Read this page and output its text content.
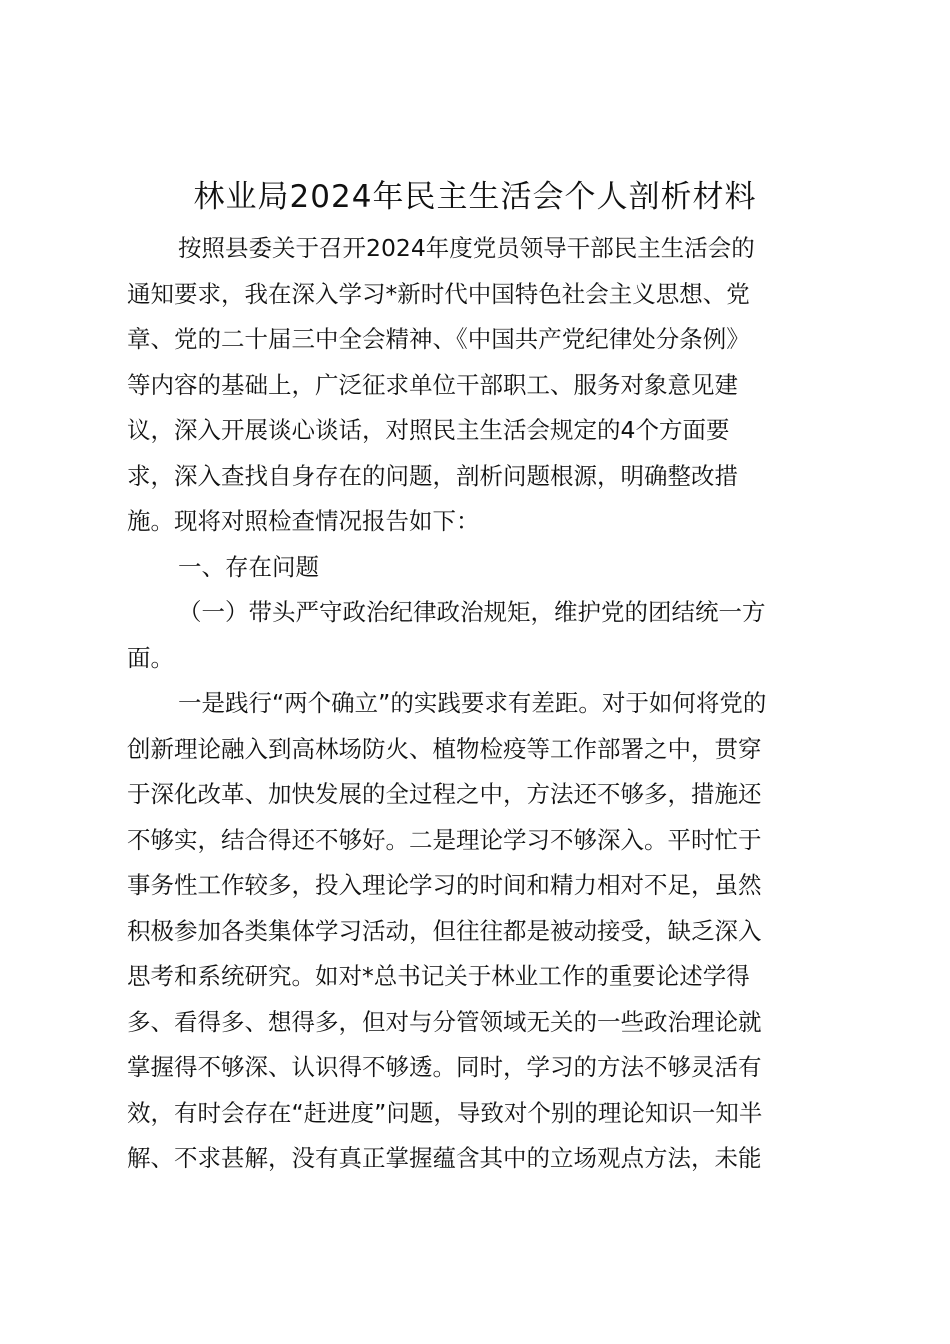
林业局2024年民主生活会个人剖析材料
按照县委关于召开2024年度党员领导干部民主生活会的
通知要求，我在深入学习*新时代中国特色社会主义思想、党
章、党的二十届三中全会精神、《中国共产党纪律处分条例》
等内容的基础上，广泛征求单位干部职工、服务对象意见建
议，深入开展谈心谈话，对照民主生活会规定的4个方面要
求，深入查找自身存在的问题，剖析问题根源，明确整改措
施。现将对照检查情况报告如下：
一、存在问题
（一）带头严守政治纪律政治规矩，维护党的团结统一方
面。
一是践行“两个确立”的实践要求有差距。对于如何将党的
创新理论融入到高林场防火、植物检疫等工作部署之中，贯穿
于深化改革、加快发展的全过程之中，方法还不够多，措施还
不够实，结合得还不够好。二是理论学习不够深入。平时忙于
事务性工作较多，投入理论学习的时间和精力相对不足，虽然
积极参加各类集体学习活动，但往往都是被动接受，缺乏深入
思考和系统研究。如对*总书记关于林业工作的重要论述学得
多、看得多、想得多，但对与分管领域无关的一些政治理论就
掌握得不够深、认识得不够透。同时，学习的方法不够灵活有
效，有时会存在“赶进度”问题，导致对个别的理论知识一知半
解、不求甚解，没有真正掌握蕴含其中的立场观点方法，未能
